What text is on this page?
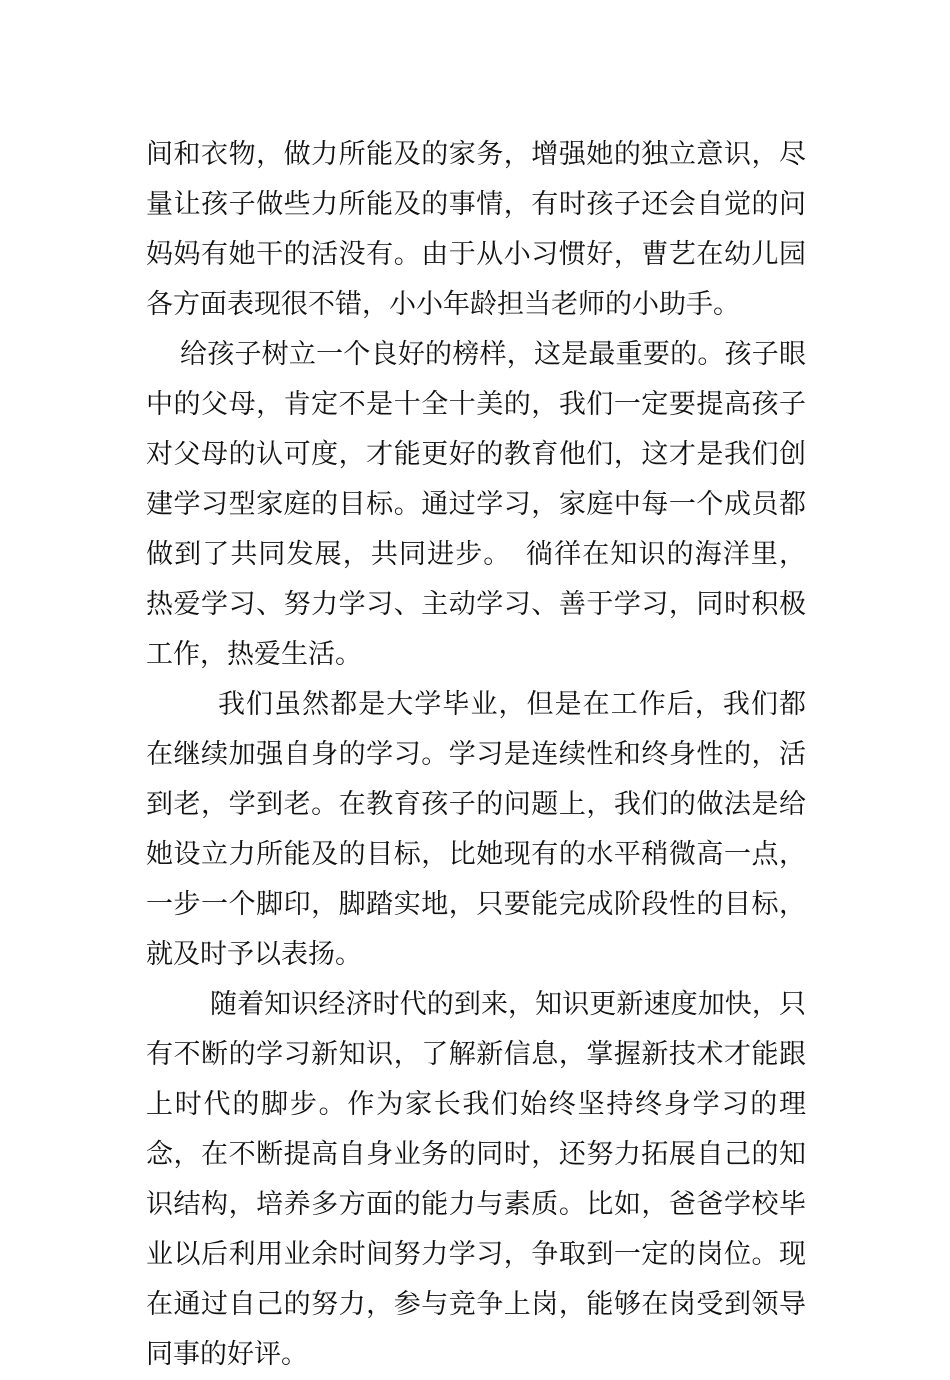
间和衣物，做力所能及的家务，增强她的独立意识，尽量让孩子做些力所能及的事情，有时孩子还会自觉的问妈妈有她干的活没有。由于从小习惯好，曹艺在幼儿园各方面表现很不错，小小年龄担当老师的小助手。

给孩子树立一个良好的榜样，这是最重要的。孩子眼中的父母，肯定不是十全十美的，我们一定要提高孩子对父母的认可度，才能更好的教育他们，这才是我们创建学习型家庭的目标。通过学习，家庭中每一个成员都做到了共同发展，共同进步。　徜徉在知识的海洋里，热爱学习、努力学习、主动学习、善于学习，同时积极工作，热爱生活。

我们虽然都是大学毕业，但是在工作后，我们都在继续加强自身的学习。学习是连续性和终身性的，活到老，学到老。在教育孩子的问题上，我们的做法是给她设立力所能及的目标，比她现有的水平稍微高一点，一步一个脚印，脚踏实地，只要能完成阶段性的目标，就及时予以表扬。

随着知识经济时代的到来，知识更新速度加快，只有不断的学习新知识，了解新信息，掌握新技术才能跟上时代的脚步。作为家长我们始终坚持终身学习的理念，在不断提高自身业务的同时，还努力拓展自己的知识结构，培养多方面的能力与素质。比如，爸爸学校毕业以后利用业余时间努力学习，争取到一定的岗位。现在通过自己的努力，参与竞争上岗，能够在岗受到领导同事的好评。
